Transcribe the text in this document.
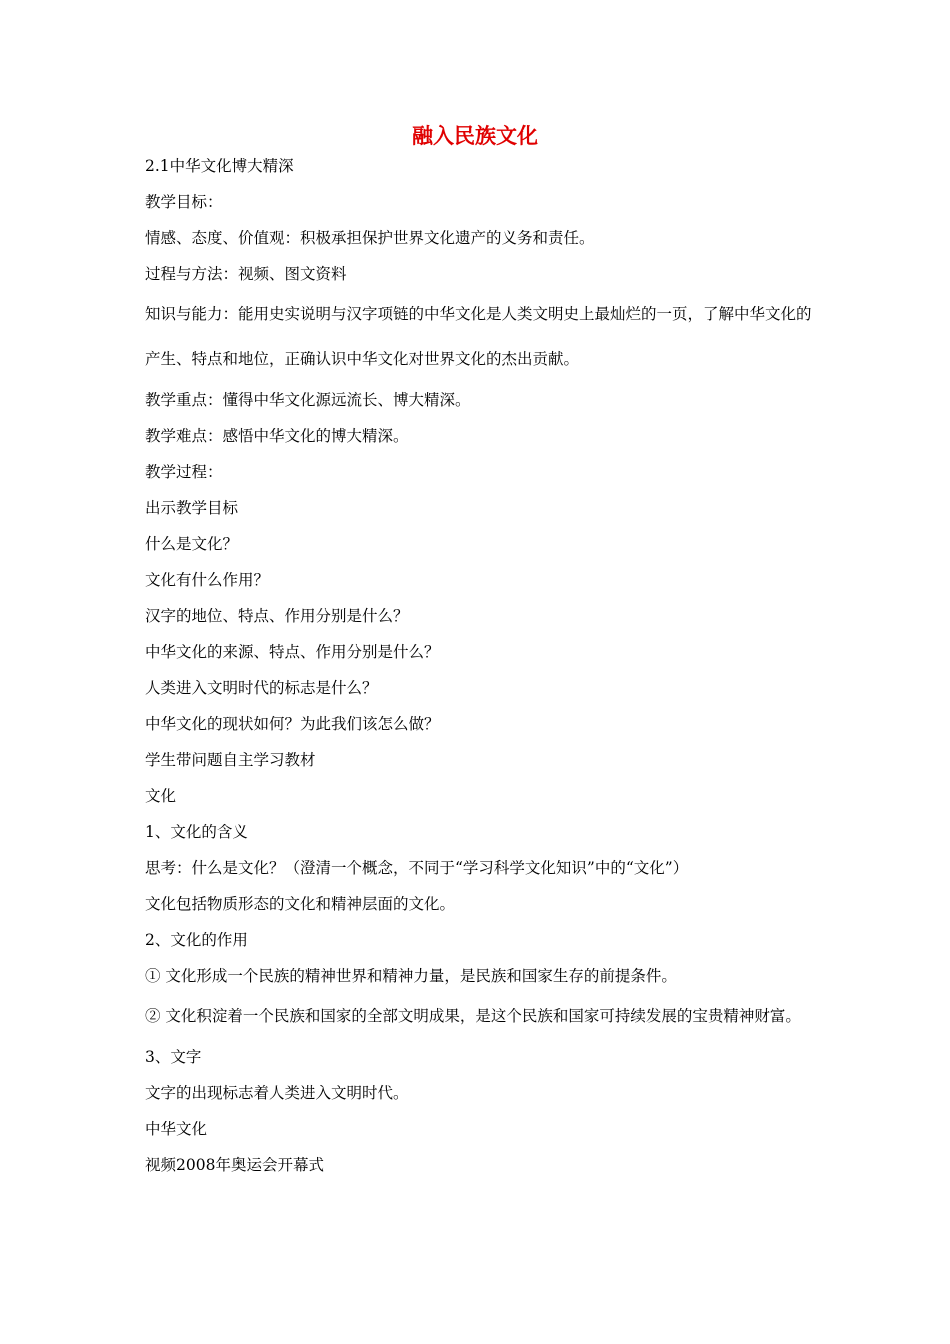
融入民族文化

2.1中华文化博大精深

教学目标：

情感、态度、价值观：积极承担保护世界文化遗产的义务和责任。

过程与方法：视频、图文资料

知识与能力：能用史实说明与汉字项链的中华文化是人类文明史上最灿烂的一页，了解中华文化的产生、特点和地位，正确认识中华文化对世界文化的杰出贡献。

教学重点：懂得中华文化源远流长、博大精深。

教学难点：感悟中华文化的博大精深。

教学过程：

出示教学目标

什么是文化？

文化有什么作用？

汉字的地位、特点、作用分别是什么？

中华文化的来源、特点、作用分别是什么？

人类进入文明时代的标志是什么？

中华文化的现状如何？为此我们该怎么做？

学生带问题自主学习教材

文化

1、文化的含义

思考：什么是文化？（澄清一个概念，不同于“学习科学文化知识”中的“文化”）

文化包括物质形态的文化和精神层面的文化。

2、文化的作用

① 文化形成一个民族的精神世界和精神力量，是民族和国家生存的前提条件。

② 文化积淀着一个民族和国家的全部文明成果，是这个民族和国家可持续发展的宝贵精神财富。

3、文字

文字的出现标志着人类进入文明时代。

中华文化

视频2008年奥运会开幕式
